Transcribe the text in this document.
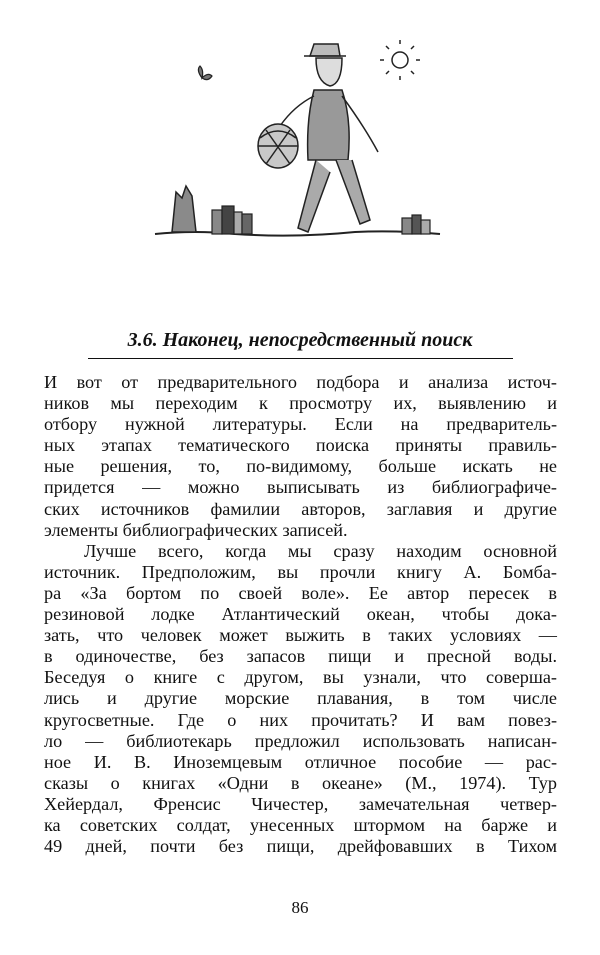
3.6. Наконец, непосредственный поиск
И вот от предварительного подбора и анализа источ-
ников мы переходим к просмотру их, выявлению и
отбору нужной литературы. Если на предваритель-
ных этапах тематического поиска приняты правиль-
ные решения, то, по-видимому, больше искать не
придется — можно выписывать из библиографиче-
ских источников фамилии авторов, заглавия и другие
элементы библиографических записей.
Лучше всего, когда мы сразу находим основной
источник. Предположим, вы прочли книгу А. Бомба-
ра «За бортом по своей воле». Ее автор пересек в
резиновой лодке Атлантический океан, чтобы дока-
зать, что человек может выжить в таких условиях —
в одиночестве, без запасов пищи и пресной воды.
Беседуя о книге с другом, вы узнали, что совершa-
лись и другие морские плавания, в том числе
кругосветные. Где о них прочитать? И вам повез-
ло — библиотекарь предложил использовать написан-
ное И. В. Иноземцевым отличное пособие — рас-
сказы о книгах «Одни в океане» (М., 1974). Тур
Хейердал, Френсис Чичестер, замечательная четвер-
ка советских солдат, унесенных штормом на барже и
49 дней, почти без пищи, дрейфовавших в Тихом
86
